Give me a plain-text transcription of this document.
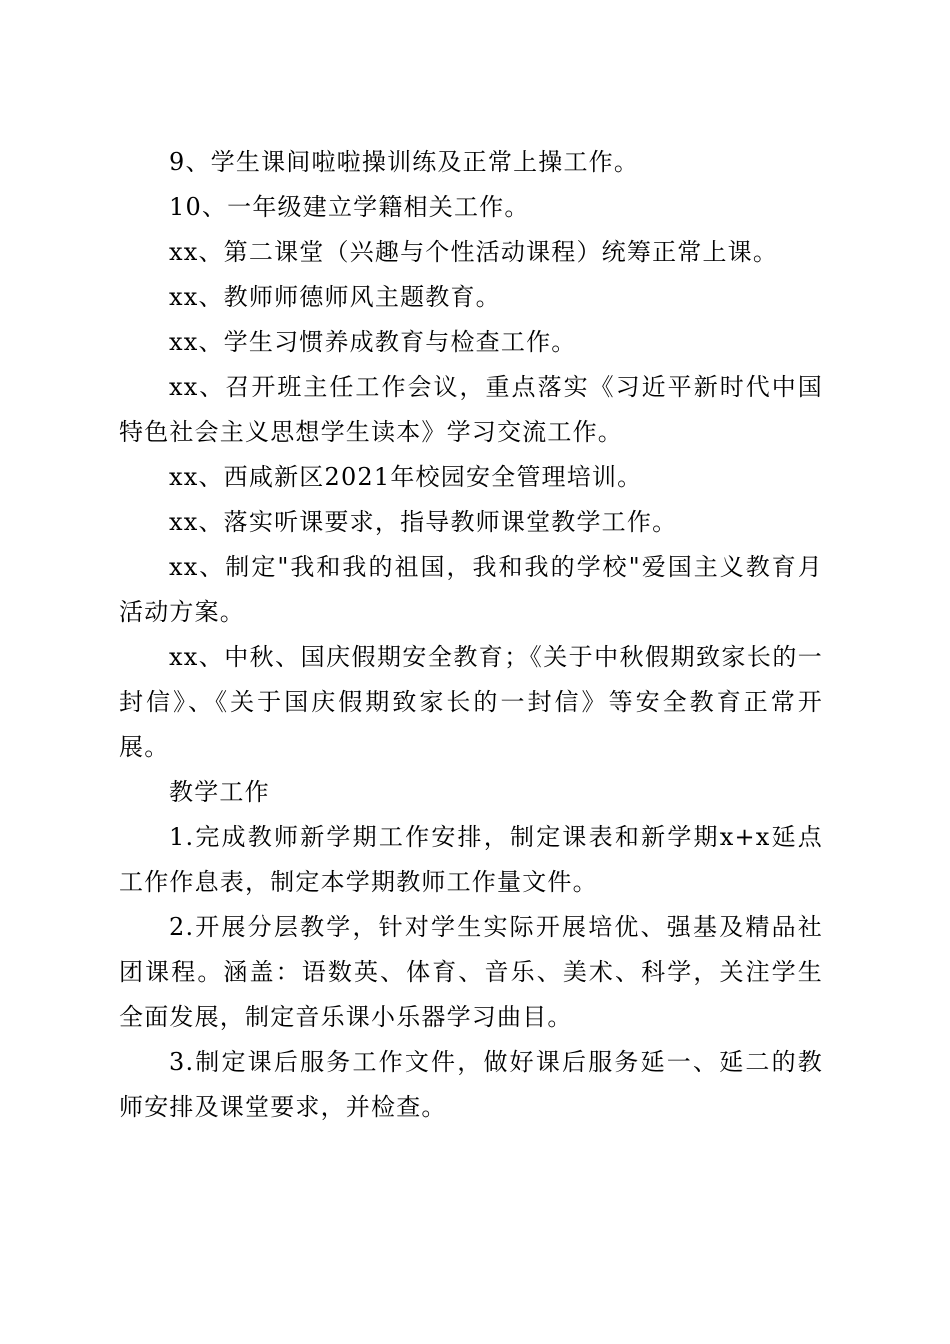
9、学生课间啦啦操训练及正常上操工作。

10、一年级建立学籍相关工作。

xx、第二课堂（兴趣与个性活动课程）统筹正常上课。

xx、教师师德师风主题教育。

xx、学生习惯养成教育与检查工作。

xx、召开班主任工作会议，重点落实《习近平新时代中国特色社会主义思想学生读本》学习交流工作。

xx、西咸新区2021年校园安全管理培训。

xx、落实听课要求，指导教师课堂教学工作。

xx、制定"我和我的祖国，我和我的学校"爱国主义教育月活动方案。

xx、中秋、国庆假期安全教育；《关于中秋假期致家长的一封信》、《关于国庆假期致家长的一封信》等安全教育正常开展。

教学工作

1.完成教师新学期工作安排，制定课表和新学期x+x延点工作作息表，制定本学期教师工作量文件。

2.开展分层教学，针对学生实际开展培优、强基及精品社团课程。涵盖：语数英、体育、音乐、美术、科学，关注学生全面发展，制定音乐课小乐器学习曲目。

3.制定课后服务工作文件，做好课后服务延一、延二的教师安排及课堂要求，并检查。
